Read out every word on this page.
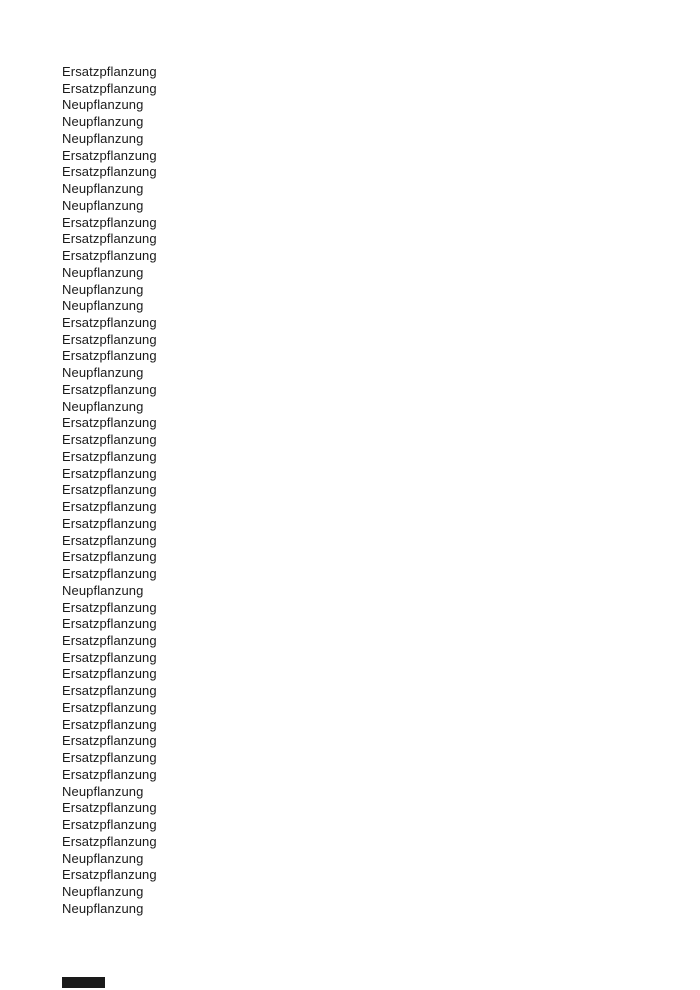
Ersatzpflanzung
Ersatzpflanzung
Neupflanzung
Neupflanzung
Neupflanzung
Ersatzpflanzung
Ersatzpflanzung
Neupflanzung
Neupflanzung
Ersatzpflanzung
Ersatzpflanzung
Ersatzpflanzung
Neupflanzung
Neupflanzung
Neupflanzung
Ersatzpflanzung
Ersatzpflanzung
Ersatzpflanzung
Neupflanzung
Ersatzpflanzung
Neupflanzung
Ersatzpflanzung
Ersatzpflanzung
Ersatzpflanzung
Ersatzpflanzung
Ersatzpflanzung
Ersatzpflanzung
Ersatzpflanzung
Ersatzpflanzung
Ersatzpflanzung
Ersatzpflanzung
Neupflanzung
Ersatzpflanzung
Ersatzpflanzung
Ersatzpflanzung
Ersatzpflanzung
Ersatzpflanzung
Ersatzpflanzung
Ersatzpflanzung
Ersatzpflanzung
Ersatzpflanzung
Ersatzpflanzung
Ersatzpflanzung
Neupflanzung
Ersatzpflanzung
Ersatzpflanzung
Ersatzpflanzung
Neupflanzung
Ersatzpflanzung
Neupflanzung
Neupflanzung
